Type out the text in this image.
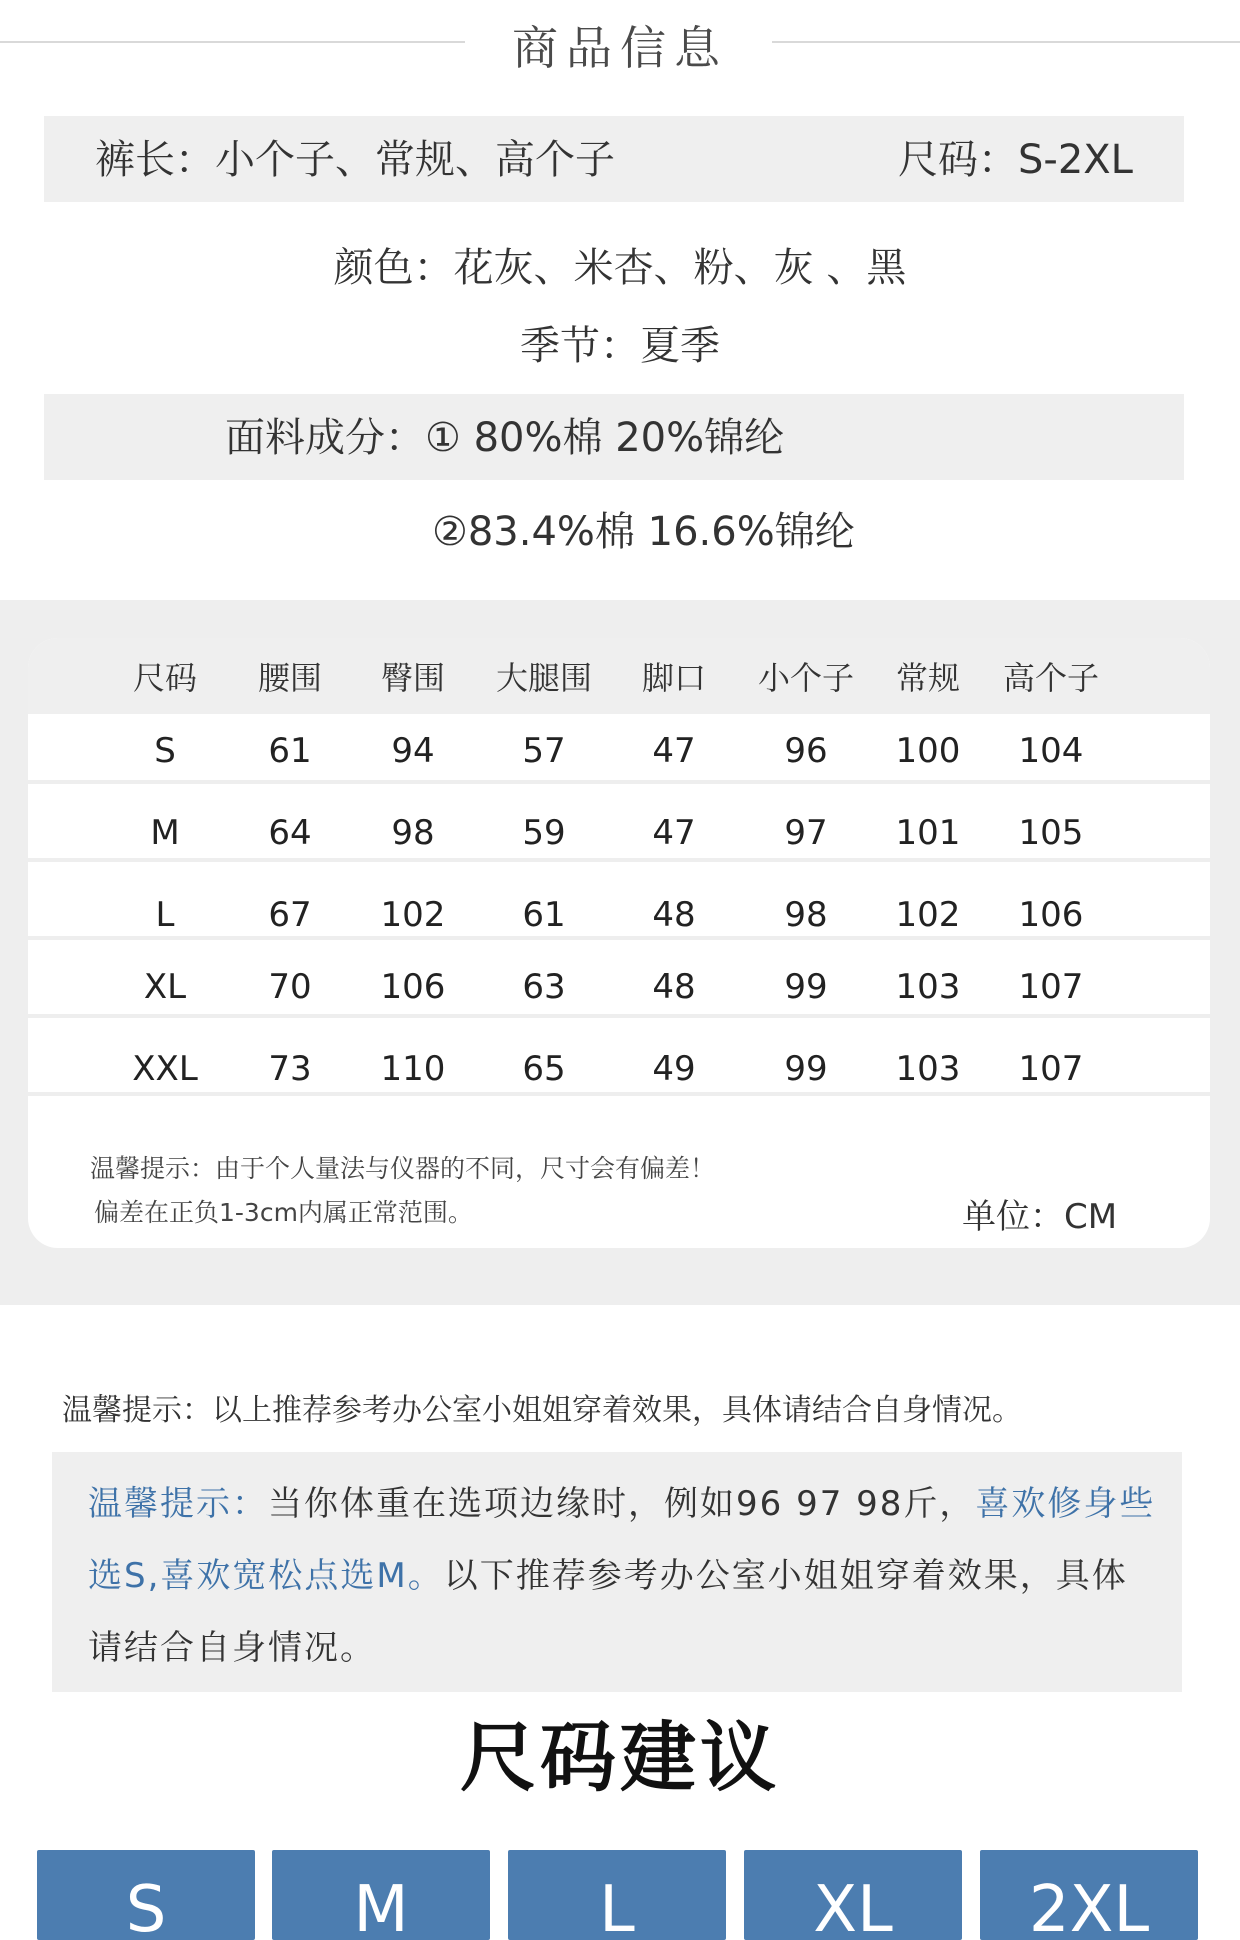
商品信息
裤长：小个子、常规、高个子	尺码：S-2XL
颜色：花灰、米杏、粉、灰 、黑
季节：夏季
面料成分：① 80%棉 20%锦纶
②83.4%棉 16.6%锦纶
尺码	腰围	臀围	大腿围	脚口	小个子	常规	高个子
S	61	94	57	47	96	100	104
M	64	98	59	47	97	101	105
L	67	102	61	48	98	102	106
XL	70	106	63	48	99	103	107
XXL	73	110	65	49	99	103	107
温馨提示：由于个人量法与仪器的不同，尺寸会有偏差！
偏差在正负1-3cm内属正常范围。	单位：CM
温馨提示：以上推荐参考办公室小姐姐穿着效果，具体请结合自身情况。
温馨提示：当你体重在选项边缘时，例如96 97 98斤，喜欢修身些选S,喜欢宽松点选M。以下推荐参考办公室小姐姐穿着效果，具体请结合自身情况。
尺码建议
S	M	L	XL	2XL
